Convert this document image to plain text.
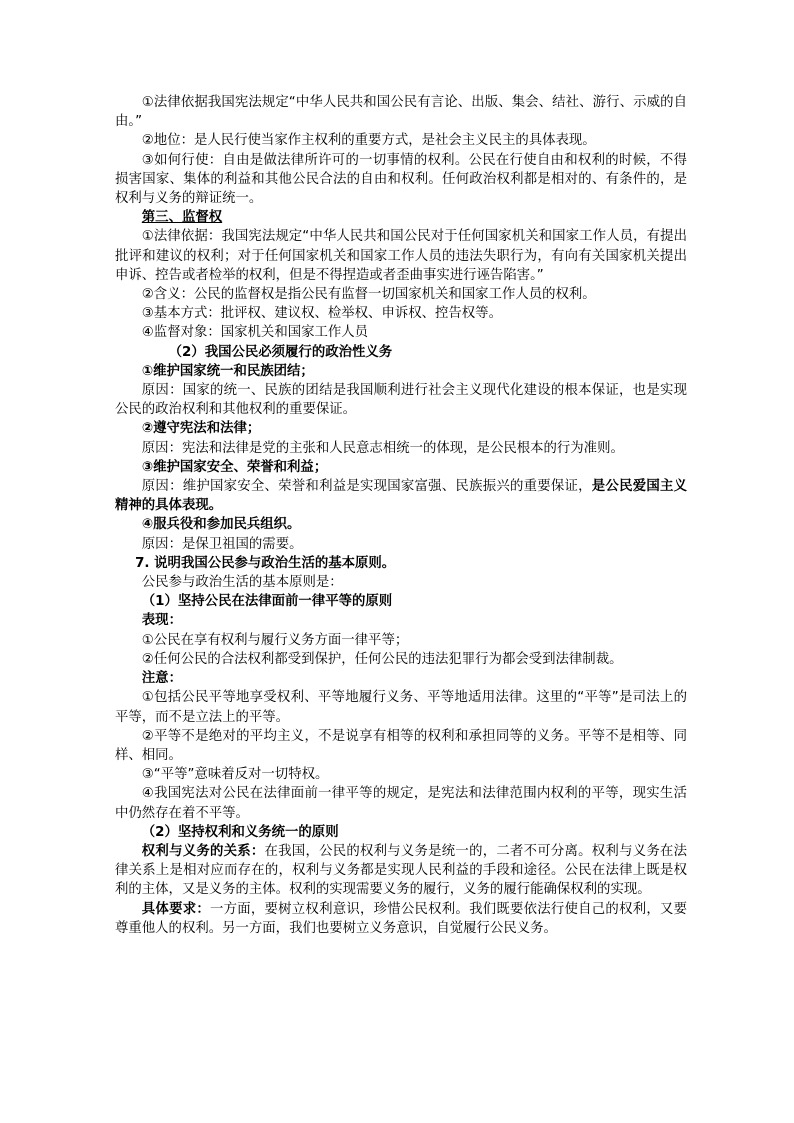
①法律依据我国宪法规定“中华人民共和国公民有言论、出版、集会、结社、游行、示威的自由。”

②地位：是人民行使当家作主权利的重要方式，是社会主义民主的具体表现。

③如何行使：自由是做法律所许可的一切事情的权利。公民在行使自由和权利的时候，不得损害国家、集体的利益和其他公民合法的自由和权利。任何政治权利都是相对的、有条件的，是权利与义务的辩证统一。

第三、监督权

①法律依据：我国宪法规定“中华人民共和国公民对于任何国家机关和国家工作人员，有提出批评和建议的权利；对于任何国家机关和国家工作人员的违法失职行为，有向有关国家机关提出申诉、控告或者检举的权利，但是不得捏造或者歪曲事实进行诬告陷害。”

②含义：公民的监督权是指公民有监督一切国家机关和国家工作人员的权利。

③基本方式：批评权、建议权、检举权、申诉权、控告权等。

④监督对象：国家机关和国家工作人员

（2）我国公民必须履行的政治性义务

①维护国家统一和民族团结；

原因：国家的统一、民族的团结是我国顺利进行社会主义现代化建设的根本保证，也是实现公民的政治权利和其他权利的重要保证。

②遵守宪法和法律；

原因：宪法和法律是党的主张和人民意志相统一的体现，是公民根本的行为准则。

③维护国家安全、荣誉和利益；

原因：维护国家安全、荣誉和利益是实现国家富强、民族振兴的重要保证，是公民爱国主义精神的具体表现。

④服兵役和参加民兵组织。

原因：是保卫祖国的需要。

7. 说明我国公民参与政治生活的基本原则。

公民参与政治生活的基本原则是：

（1）坚持公民在法律面前一律平等的原则

表现：

①公民在享有权利与履行义务方面一律平等；

②任何公民的合法权利都受到保护，任何公民的违法犯罪行为都会受到法律制裁。

注意：

①包括公民平等地享受权利、平等地履行义务、平等地适用法律。这里的“平等”是司法上的平等，而不是立法上的平等。

②平等不是绝对的平均主义，不是说享有相等的权利和承担同等的义务。平等不是相等、同样、相同。

③“平等”意味着反对一切特权。

④我国宪法对公民在法律面前一律平等的规定，是宪法和法律范围内权利的平等，现实生活中仍然存在着不平等。

（2）坚持权利和义务统一的原则

权利与义务的关系：在我国，公民的权利与义务是统一的，二者不可分离。权利与义务在法律关系上是相对应而存在的，权利与义务都是实现人民利益的手段和途径。公民在法律上既是权利的主体，又是义务的主体。权利的实现需要义务的履行，义务的履行能确保权利的实现。

具体要求：一方面，要树立权利意识，珍惜公民权利。我们既要依法行使自己的权利，又要尊重他人的权利。另一方面，我们也要树立义务意识，自觉履行公民义务。
